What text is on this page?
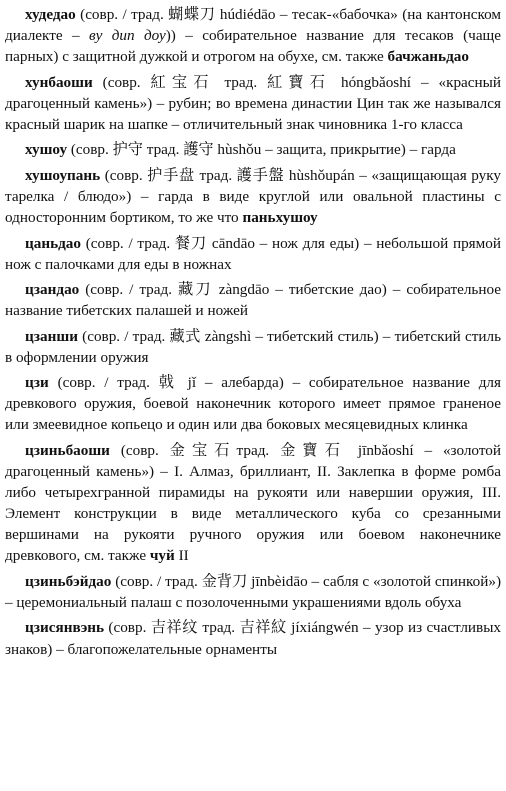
худедао (совр. / трад. 蝴蝶刀 húdiédāo – тесак-«бабочка» (на кантонском диалекте – ву дип доу)) – собирательное название для тесаков (чаще парных) с защитной дужкой и отрогом на обухе, см. также бачжаньдао

хунбаоши (совр. 紅宝石 трад. 紅寶石 hóngbǎoshí – «красный драгоценный камень») – рубин; во времена династии Цин так же назывался красный шарик на шапке – отличительный знак чиновника 1-го класса

хушоу (совр. 护守 трад. 護守 hùshǒu – защита, прикрытие) – гарда

хушоупань (совр. 护手盘 трад. 護手盤 hùshǒupán – «защищающая руку тарелка / блюдо») – гарда в виде круглой или овальной пластины с односторонним бортиком, то же что паньхушоу

цаньдао (совр. / трад. 餐刀 cāndāo – нож для еды) – небольшой прямой нож с палочками для еды в ножнах

цзандао (совр. / трад. 藏刀 zàngdāo – тибетские дао) – собирательное название тибетских палашей и ножей

цзанши (совр. / трад. 藏式 zàngshì – тибетский стиль) – тибетский стиль в оформлении оружия

цзи (совр. / трад. 戟 jǐ – алебарда) – собирательное название для древкового оружия, боевой наконечник которого имеет прямое граненое или змеевидное копьецо и один или два боковых месяцевидных клинка

цзиньбаоши (совр. 金宝石трад. 金寶石 jīnbǎoshí – «золотой драгоценный камень») – I. Алмаз, бриллиант, II. Заклепка в форме ромба либо четырехгранной пирамиды на рукояти или навершии оружия, III. Элемент конструкции в виде металлического куба со срезанными вершинами на рукояти ручного оружия или боевом наконечнике древкового, см. также чуй II

цзиньбэйдао (совр. / трад. 金背刀 jīnbèidāo – сабля с «золотой спинкой») – церемониальный палаш с позолоченными украшениями вдоль обуха

цзисянвэнь (совр. 吉祥纹 трад. 吉祥紋 jíxiángwén – узор из счастливых знаков) – благопожелательные орнаменты
